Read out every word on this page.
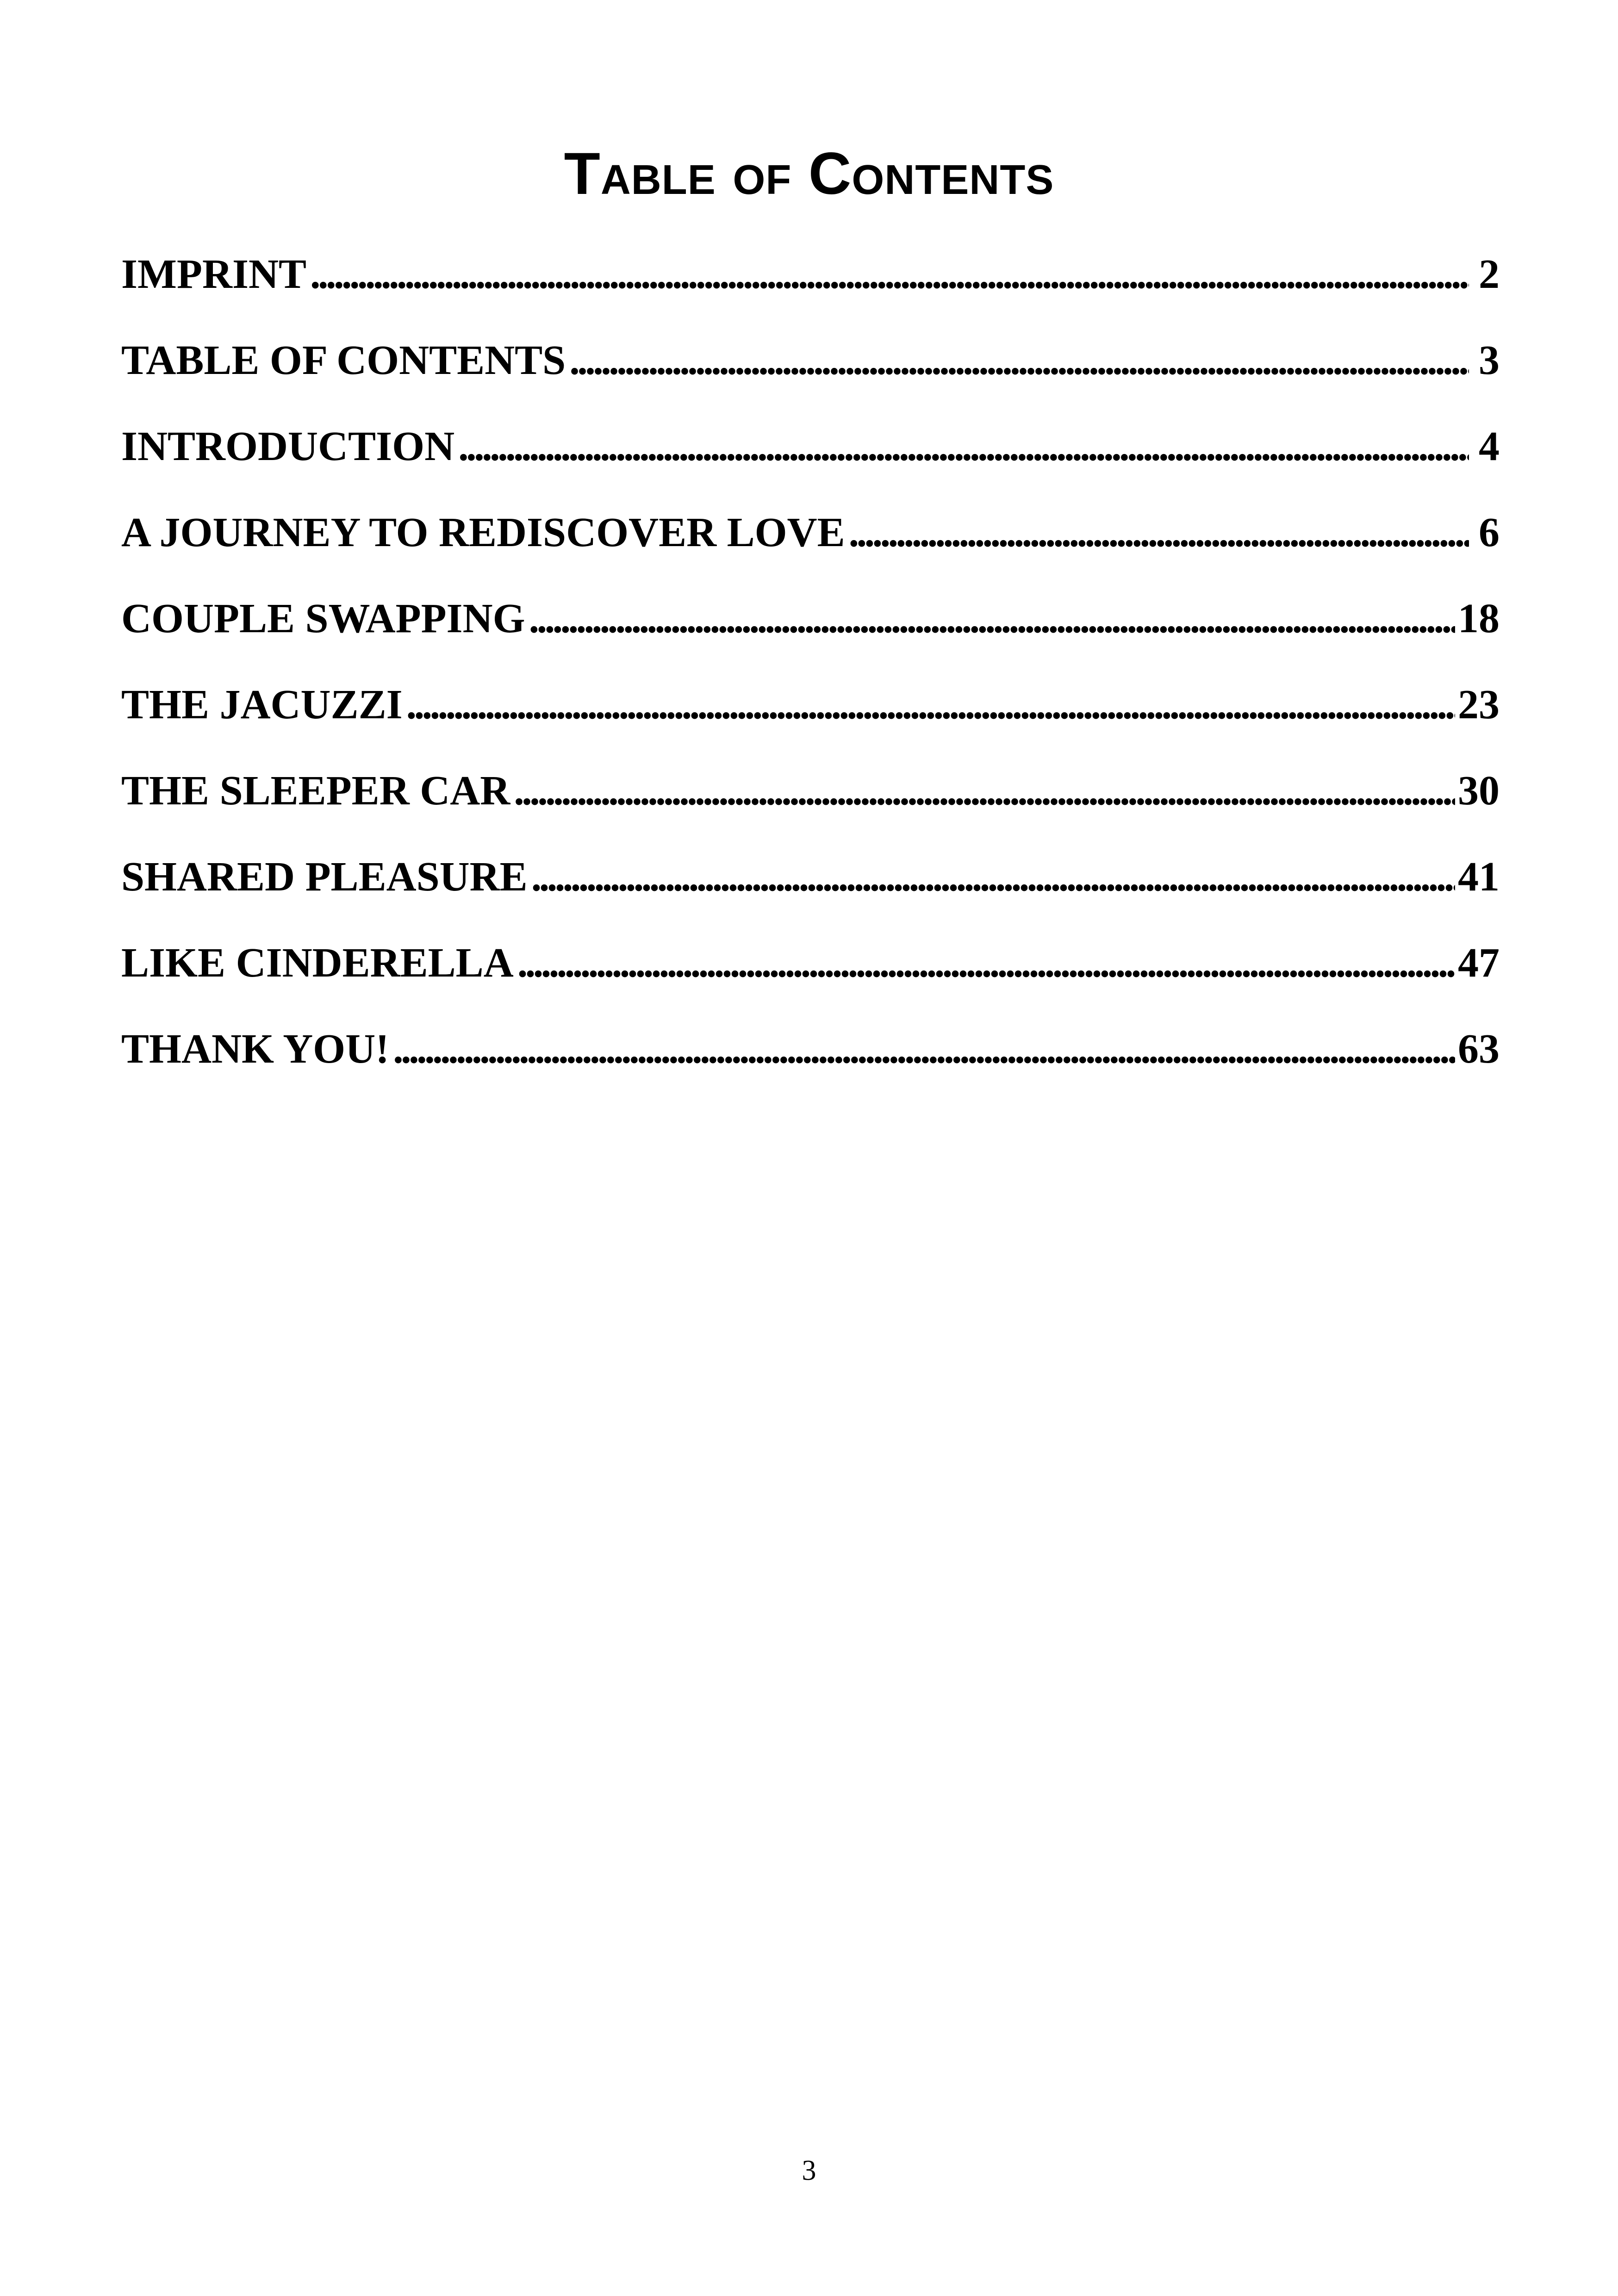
Table of Contents
IMPRINT . . .	2
TABLE OF CONTENTS . . .	3
INTRODUCTION . . .	4
A JOURNEY TO REDISCOVER LOVE . . .	6
COUPLE SWAPPING . . .	18
THE JACUZZI . . .	23
THE SLEEPER CAR . . .	30
SHARED PLEASURE . . .	41
LIKE CINDERELLA . . .	47
THANK YOU! . . .	63
3
